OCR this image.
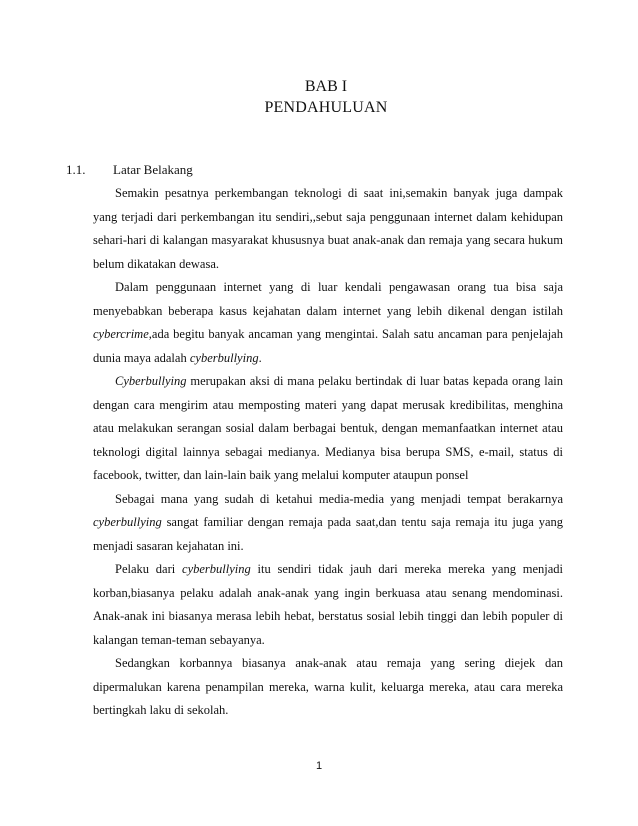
BAB I
PENDAHULUAN
1.1. Latar Belakang

Semakin pesatnya perkembangan teknologi di saat ini,semakin banyak juga dampak yang terjadi dari perkembangan itu sendiri,,sebut saja penggunaan internet dalam kehidupan sehari-hari di kalangan masyarakat khususnya buat anak-anak dan remaja yang secara hukum belum dikatakan dewasa.

Dalam penggunaan internet yang di luar kendali pengawasan orang tua bisa saja menyebabkan beberapa kasus kejahatan dalam internet yang lebih dikenal dengan istilah cybercrime,ada begitu banyak ancaman yang mengintai. Salah satu ancaman para penjelajah dunia maya adalah cyberbullying.

Cyberbullying merupakan aksi di mana pelaku bertindak di luar batas kepada orang lain dengan cara mengirim atau memposting materi yang dapat merusak kredibilitas, menghina atau melakukan serangan sosial dalam berbagai bentuk, dengan memanfaatkan internet atau teknologi digital lainnya sebagai medianya. Medianya bisa berupa SMS, e-mail, status di facebook, twitter, dan lain-lain baik yang melalui komputer ataupun ponsel

Sebagai mana yang sudah di ketahui media-media yang menjadi tempat berakarnya cyberbullying sangat familiar dengan remaja pada saat,dan tentu saja remaja itu juga yang menjadi sasaran kejahatan ini.

Pelaku dari cyberbullying itu sendiri tidak jauh dari mereka mereka yang menjadi korban,biasanya pelaku adalah anak-anak yang ingin berkuasa atau senang mendominasi. Anak-anak ini biasanya merasa lebih hebat, berstatus sosial lebih tinggi dan lebih populer di kalangan teman-teman sebayanya.

Sedangkan korbannya biasanya anak-anak atau remaja yang sering diejek dan dipermalukan karena penampilan mereka, warna kulit, keluarga mereka, atau cara mereka bertingkah laku di sekolah.

1
